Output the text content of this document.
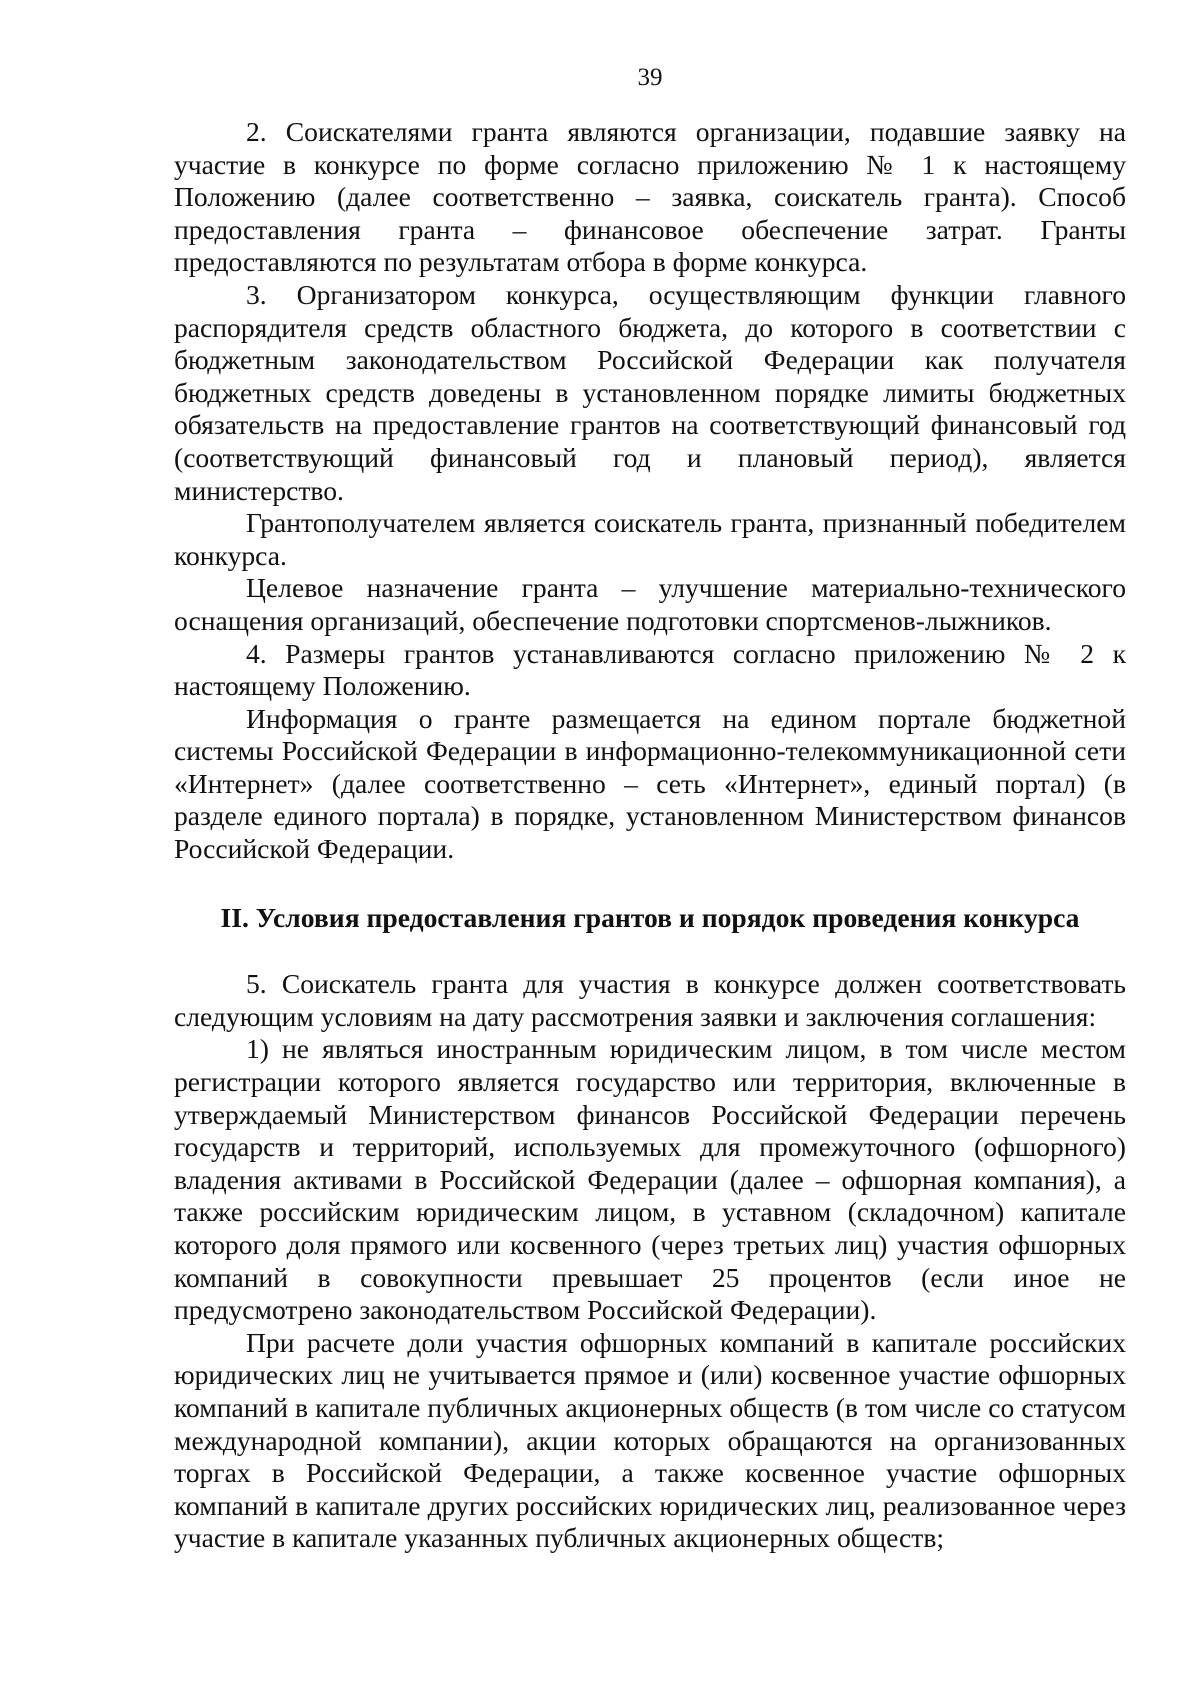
39

2. Соискателями гранта являются организации, подавшие заявку на участие в конкурсе по форме согласно приложению № 1 к настоящему Положению (далее соответственно – заявка, соискатель гранта). Способ предоставления гранта – финансовое обеспечение затрат. Гранты предоставляются по результатам отбора в форме конкурса.

3. Организатором конкурса, осуществляющим функции главного распорядителя средств областного бюджета, до которого в соответствии с бюджетным законодательством Российской Федерации как получателя бюджетных средств доведены в установленном порядке лимиты бюджетных обязательств на предоставление грантов на соответствующий финансовый год (соответствующий финансовый год и плановый период), является министерство.

Грантополучателем является соискатель гранта, признанный победителем конкурса.

Целевое назначение гранта – улучшение материально-технического оснащения организаций, обеспечение подготовки спортсменов-лыжников.

4. Размеры грантов устанавливаются согласно приложению № 2 к настоящему Положению.

Информация о гранте размещается на едином портале бюджетной системы Российской Федерации в информационно-телекоммуникационной сети «Интернет» (далее соответственно – сеть «Интернет», единый портал) (в разделе единого портала) в порядке, установленном Министерством финансов Российской Федерации.

II. Условия предоставления грантов и порядок проведения конкурса

5. Соискатель гранта для участия в конкурсе должен соответствовать следующим условиям на дату рассмотрения заявки и заключения соглашения:

1) не являться иностранным юридическим лицом, в том числе местом регистрации которого является государство или территория, включенные в утверждаемый Министерством финансов Российской Федерации перечень государств и территорий, используемых для промежуточного (офшорного) владения активами в Российской Федерации (далее – офшорная компания), а также российским юридическим лицом, в уставном (складочном) капитале которого доля прямого или косвенного (через третьих лиц) участия офшорных компаний в совокупности превышает 25 процентов (если иное не предусмотрено законодательством Российской Федерации).

При расчете доли участия офшорных компаний в капитале российских юридических лиц не учитывается прямое и (или) косвенное участие офшорных компаний в капитале публичных акционерных обществ (в том числе со статусом международной компании), акции которых обращаются на организованных торгах в Российской Федерации, а также косвенное участие офшорных компаний в капитале других российских юридических лиц, реализованное через участие в капитале указанных публичных акционерных обществ;
